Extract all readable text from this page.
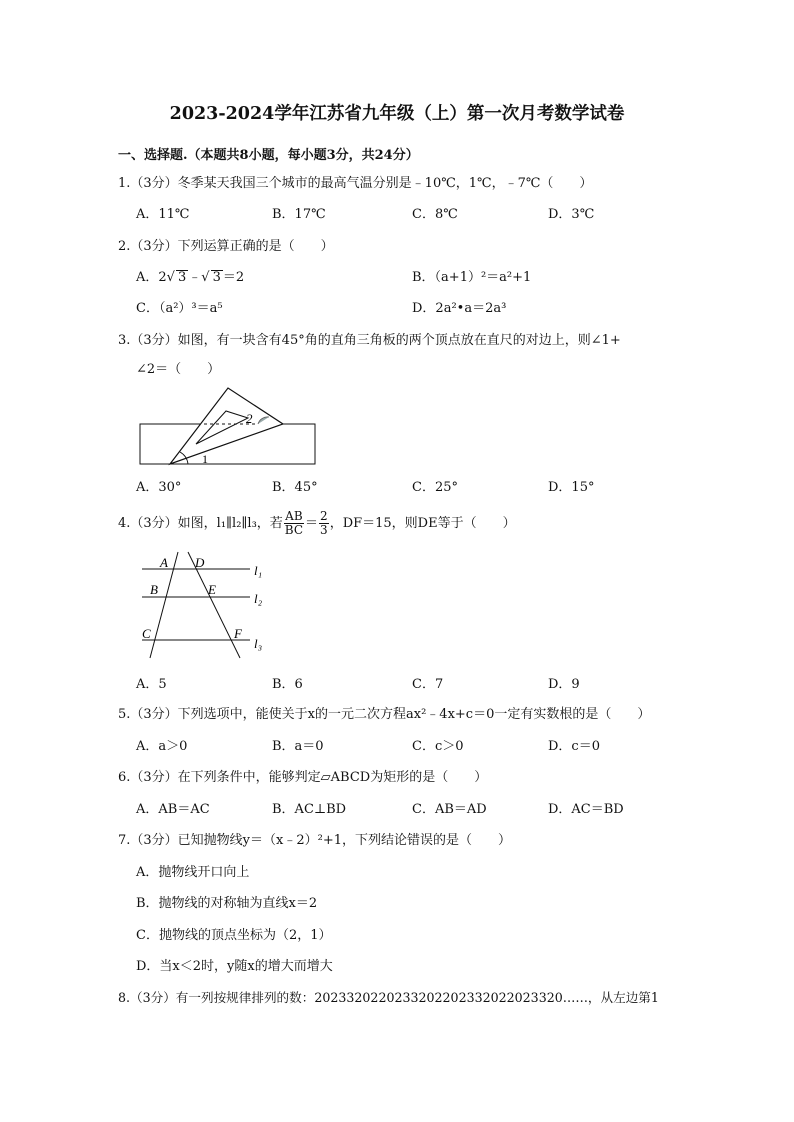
2023-2024学年江苏省九年级（上）第一次月考数学试卷
一、选择题.（本题共8小题，每小题3分，共24分）
1.（3分）冬季某天我国三个城市的最高气温分别是﹣10℃，1℃，﹣7℃（　　）
A．11℃	B．17℃	C．8℃	D．3℃
2.（3分）下列运算正确的是（　　）
A．2√ 3 ﹣√ 3 ＝2	B．（a+1）²＝a²+1
C．（a²）³＝a⁵	D．2a²•a＝2a³
3.（3分）如图，有一块含有45°角的直角三角板的两个顶点放在直尺的对边上，则∠1+
∠2＝（　　）
2
1
A．30°	B．45°	C．25°	D．15°
4.（3分）如图，l₁∥l₂∥l₃，若 $\frac{AB}{BC} = \frac{2}{3}$ ，DF＝15，则DE等于（　　）
A D
B	E
C	F
l₁
l₂
l₃
A．5	B．6	C．7	D．9
5.（3分）下列选项中，能使关于x的一元二次方程ax²﹣4x+c＝0一定有实数根的是（　　）
A．a＞0	B．a＝0	C．c＞0	D．c＝0
6.（3分）在下列条件中，能够判定▱ABCD为矩形的是（　　）
A．AB＝AC	B．AC⊥BD	C．AB＝AD	D．AC＝BD
7.（3分）已知抛物线y＝（x﹣2）²+1，下列结论错误的是（　　）
A．抛物线开口向上
B．抛物线的对称轴为直线x＝2
C．抛物线的顶点坐标为（2，1）
D．当x＜2时，y随x的增大而增大
8.（3分）有一列按规律排列的数：2023320220233202202332022023320……，从左边第1
